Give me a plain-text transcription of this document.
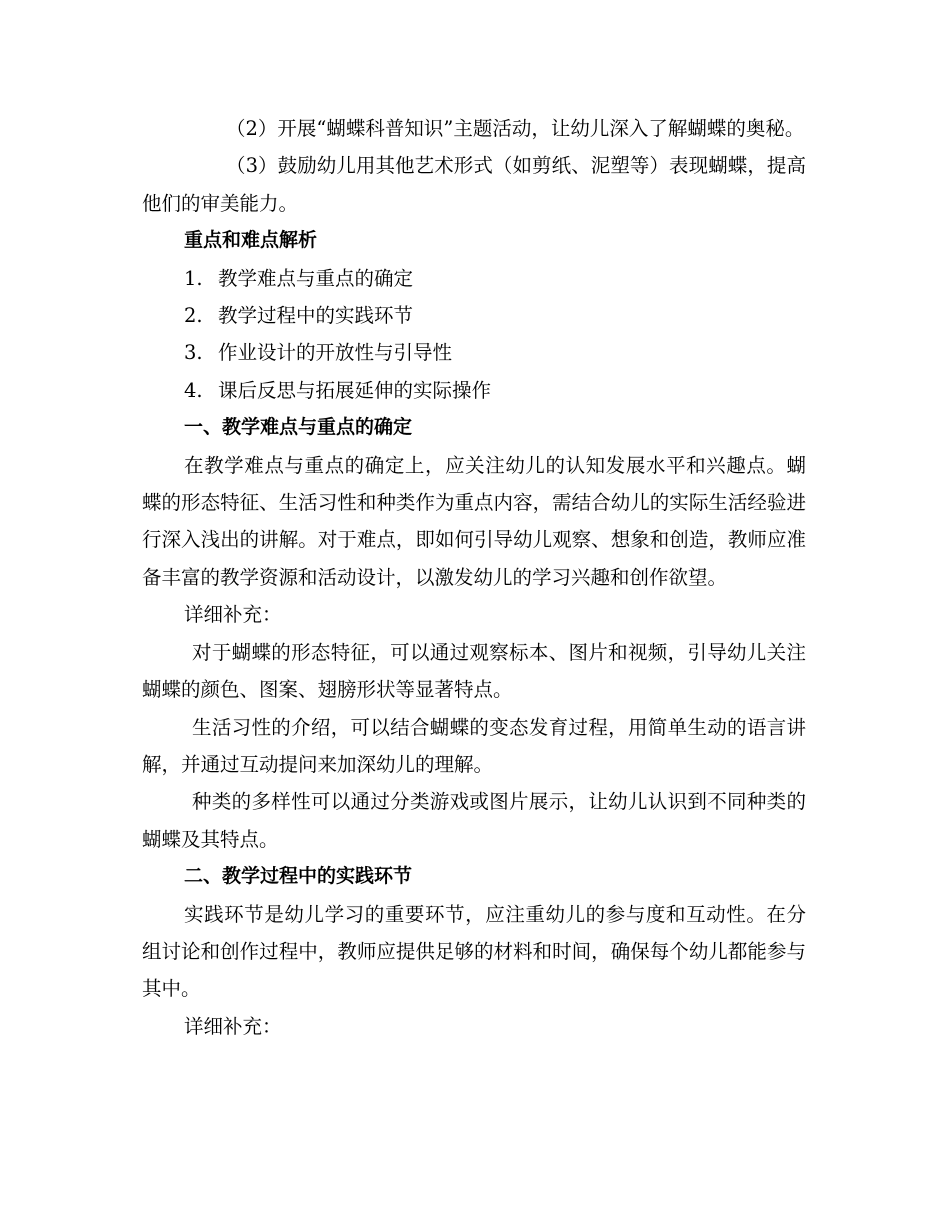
（2）开展“蝴蝶科普知识”主题活动，让幼儿深入了解蝴蝶的奥秘。

（3）鼓励幼儿用其他艺术形式（如剪纸、泥塑等）表现蝴蝶，提高他们的审美能力。

重点和难点解析
1. 教学难点与重点的确定
2. 教学过程中的实践环节
3. 作业设计的开放性与引导性
4. 课后反思与拓展延伸的实际操作
一、教学难点与重点的确定

在教学难点与重点的确定上，应关注幼儿的认知发展水平和兴趣点。蝴蝶的形态特征、生活习性和种类作为重点内容，需结合幼儿的实际生活经验进行深入浅出的讲解。对于难点，即如何引导幼儿观察、想象和创造，教师应准备丰富的教学资源和活动设计，以激发幼儿的学习兴趣和创作欲望。

详细补充：

对于蝴蝶的形态特征，可以通过观察标本、图片和视频，引导幼儿关注蝴蝶的颜色、图案、翅膀形状等显著特点。

生活习性的介绍，可以结合蝴蝶的变态发育过程，用简单生动的语言讲解，并通过互动提问来加深幼儿的理解。

种类的多样性可以通过分类游戏或图片展示，让幼儿认识到不同种类的蝴蝶及其特点。

二、教学过程中的实践环节

实践环节是幼儿学习的重要环节，应注重幼儿的参与度和互动性。在分组讨论和创作过程中，教师应提供足够的材料和时间，确保每个幼儿都能参与其中。

详细补充：
